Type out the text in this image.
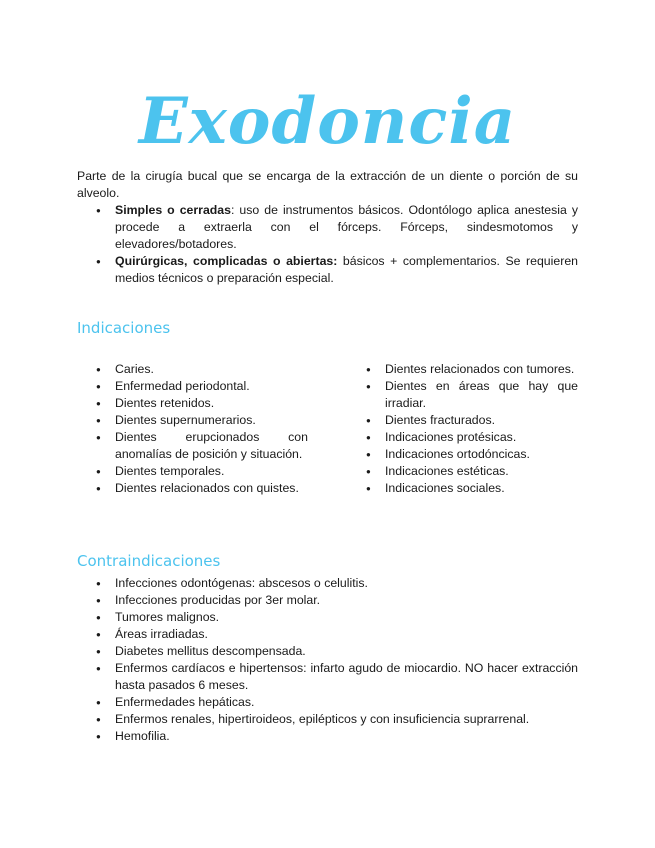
Exodoncia

Parte de la cirugía bucal que se encarga de la extracción de un diente o porción de su alveolo.

● Simples o cerradas: uso de instrumentos básicos. Odontólogo aplica anestesia y procede a extraerla con el fórceps. Fórceps, sindesmotomos y elevadores/botadores.
● Quirúrgicas, complicadas o abiertas: básicos + complementarios. Se requieren medios técnicos o preparación especial.
Indicaciones
● Caries.
● Enfermedad periodontal.
● Dientes retenidos.
● Dientes supernumerarios.
● Dientes erupcionados con anomalías de posición y situación.
● Dientes temporales.
● Dientes relacionados con quistes.
● Dientes relacionados con tumores.
● Dientes en áreas que hay que irradiar.
● Dientes fracturados.
● Indicaciones protésicas.
● Indicaciones ortodóncicas.
● Indicaciones estéticas.
● Indicaciones sociales.
Contraindicaciones
● Infecciones odontógenas: abscesos o celulitis.
● Infecciones producidas por 3er molar.
● Tumores malignos.
● Áreas irradiadas.
● Diabetes mellitus descompensada.
● Enfermos cardíacos e hipertensos: infarto agudo de miocardio. NO hacer extracción hasta pasados 6 meses.
● Enfermedades hepáticas.
● Enfermos renales, hipertiroideos, epilépticos y con insuficiencia suprarrenal.
● Hemofilia.
